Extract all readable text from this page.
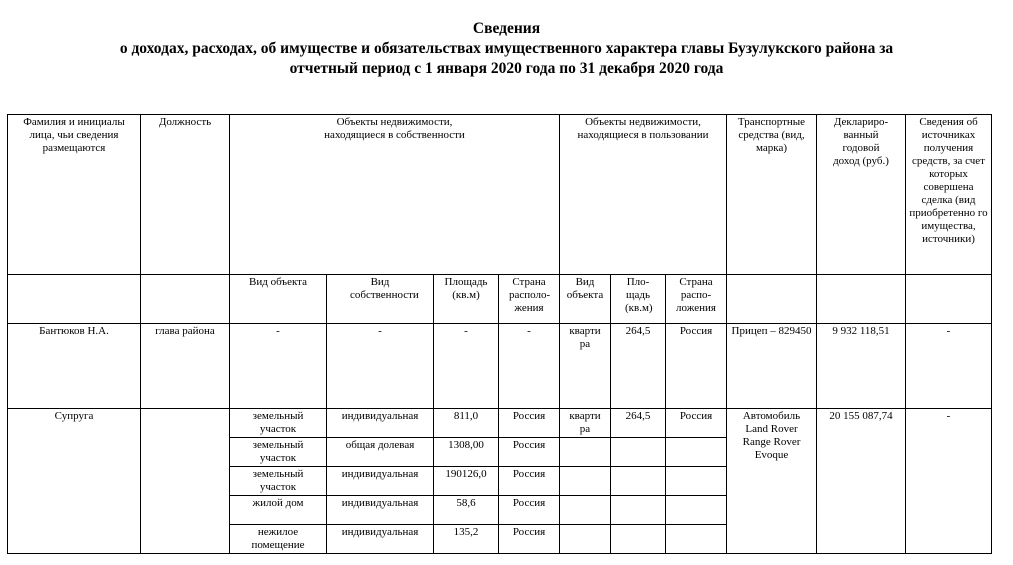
Сведения
о доходах, расходах, об имуществе и обязательствах имущественного характера главы Бузулукского района за
отчетный период с 1 января 2020 года по 31 декабря 2020 года
Фамилия и инициалы лица, чьи сведения размещаются	Должность	Объекты недвижимости, находящиеся в собственности				Объекты недвижимости, находящиеся в пользовании			Транспортные средства (вид, марка)	Деклариро-ванный годовой доход (руб.)	Сведения об источниках получения средств, за счет которых совершена сделка (вид приобретенно го имущества, источники)
		Вид объекта	Вид собственности	Площадь (кв.м)	Страна располо-жения	Вид объекта	Пло-щадь (кв.м)	Страна распо-ложения			

Бантюков Н.А.	глава района	-	-	-	-	кварти ра	264,5	Россия	Прицеп – 829450	9 932 118,51	-
Супруга		земельный участок	индивидуальная	811,0	Россия	кварти ра	264,5	Россия	Автомобиль Land Rover Range Rover Evoque	20 155 087,74	-

		земельный участок	общая долевая	1308,00	Россия						

		земельный участок	индивидуальная	190126,0	Россия						
		жилой дом	индивидуальная	58,6	Россия						

		нежилое помещение	индивидуальная	135,2	Россия						
